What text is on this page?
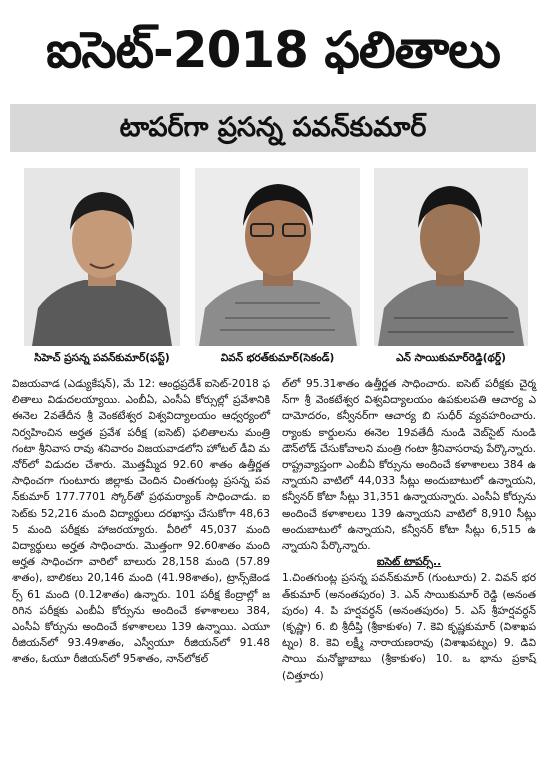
ఐసెట్-2018 ఫలితాలు
టాపర్‌గా ప్రసన్న పవన్‌కుమార్
సిహెచ్ ప్రసన్న పవన్‌కుమార్(ఫస్ట్)	వివన్ భరత్‌కుమార్(సెకండ్)	ఎన్ సాయికుమార్‌రెడ్డి(థర్డ్)

విజయవాడ (ఎడ్యుకేషన్), మే 12: ఆంధ్రప్రదేశ్ ఐసెట్-2018 ఫలితాలు విడుదలయ్యాయి. ఎంబీఏ, ఎంసీఏ కోర్సుల్లో ప్రవేశానికి ఈనెల 2వతేదీన శ్రీ వెంకటేశ్వర విశ్వవిద్యాలయం ఆధ్వర్యంలో నిర్వహించిన అర్హత ప్రవేశ పరీక్ష (ఐసెట్) ఫలితాలను మంత్రి గంటా శ్రీనివాస రావు శనివారం విజయవాడలోని హోటల్ డీవి మనోర్‌లో విడుదల చేశారు. మొత్తమ్మీద 92.60 శాతం ఉత్తీర్ణత సాధించగా గుంటూరు జిల్లాకు చెందిన చింతగుంట్ల ప్రసన్న పవన్‌కుమార్ 177.7701 స్కోర్‌తో ప్రథమర్యాంక్ సాధించాడు. ఐసెట్‌కు 52,216 మంది విద్యార్థులు దరఖాస్తు చేసుకోగా 48,635 మంది పరీక్షకు హాజరయ్యారు. వీరిలో 45,037 మంది విద్యార్థులు అర్హత సాధించారు. మొత్తంగా 92.60శాతం మంది అర్హత సాధించగా వారిలో బాలురు 28,158 మంది (57.89శాతం), బాలికలు 20,146 మంది (41.98శాతం), ట్రాన్స్‌జెండర్స్ 61 మంది (0.12శాతం) ఉన్నారు. 101 పరీక్ష కేంద్రాల్లో జరిగిన పరీక్షకు ఎంబీఏ కోర్సును అందించే కళాశాలలు 384, ఎంసీఏ కోర్సును అందించే కళాశాలలు 139 ఉన్నాయి. ఎయూ రీజియన్‌లో 93.49శాతం, ఎస్వీయూ రీజియన్‌లో 91.48శాతం, ఓయూ రీజియన్‌లో 95శాతం, నాన్‌లోకల్

ల్‌లో 95.31శాతం ఉత్తీర్ణత సాధించారు. ఐసెట్ పరీక్షకు చైర్మన్‌గా శ్రీ వెంకటేశ్వర విశ్వవిద్యాలయం ఉపకులపతి ఆచార్య ఎ దామోదరం, కన్వీనర్‌గా ఆచార్య బి సుధీర్ వ్యవహరించారు. ర్యాంకు కార్డులను ఈనెల 19వతేదీ నుండి వెబ్‌సైట్ నుండి డౌన్‌లోడ్ చేసుకోవాలని మంత్రి గంటా శ్రీనివాసరావు పేర్కొన్నారు. రాష్ట్రవ్యాప్తంగా ఎంబీఏ కోర్సును అందించే కళాశాలలు 384 ఉన్నాయని వాటిలో 44,033 సీట్లు అందుబాటులో ఉన్నాయని, కన్వీనర్ కోటా సీట్లు 31,351 ఉన్నాయన్నారు. ఎంసీఏ కోర్సును అందించే కళాశాలలు 139 ఉన్నాయని వాటిలో 8,910 సీట్లు అందుబాటులో ఉన్నాయని, కన్వీనర్ కోటా సీట్లు 6,515 ఉన్నాయని పేర్కొన్నారు.

ఐసెట్ టాపర్స్..

1.చింతగుంట్ల ప్రసన్న పవన్‌కుమార్ (గుంటూరు) 2. వివన్ భరత్‌కుమార్ (అనంతపురం) 3. ఎన్ సాయికుమార్ రెడ్డి (అనంతపురం) 4. పి హర్షవర్ధన్ (అనంతపురం) 5. ఎస్ శ్రీహర్షవర్ధన్ (కృష్ణా) 6. బి శ్రీదీప్తి (శ్రీకాకుళం) 7. కెవి కృష్ణకుమార్ (విశాఖపట్నం) 8. కెవి లక్ష్మీ నారాయణరావు (విశాఖపట్నం) 9. డివి సాయి మనోజ్ఞాబాబు (శ్రీకాకుళం) 10. ఒ భాను ప్రకాష్ (చిత్తూరు)
